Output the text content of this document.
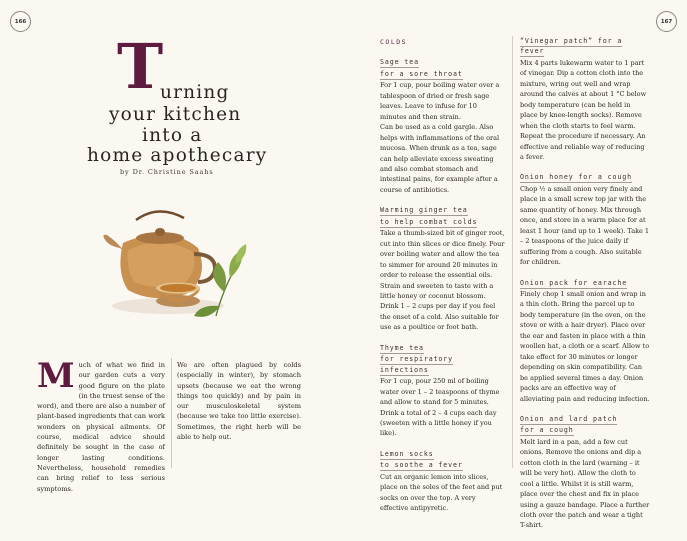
166	167
T
urning
your kitchen
into a
home apothecary
by Dr. Christine Saahs
M uch of what we find in our garden cuts a very good figure on the plate (in the truest sense of the word), and there are also a number of plant-based ingredients that can work wonders on physical ailments. Of course, medical advice should definitely be sought in the case of longer lasting conditions. Nevertheless, household remedies can bring relief to less serious symptoms.
We are often plagued by colds (especially in winter), by stomach upsets (because we eat the wrong things too quickly) and by pain in our musculoskeletal system (because we take too little exercise). Sometimes, the right herb will be able to help out.
COLDS
Sage tea
for a sore throat
For 1 cup, pour boiling water over a tablespoon of dried or fresh sage leaves. Leave to infuse for 10 minutes and then strain.
Can be used as a cold gargle. Also helps with inflammations of the oral mucosa. When drunk as a tea, sage can help alleviate excess sweating and also combat stomach and intestinal pains, for example after a course of antibiotics.
Warming ginger tea
to help combat colds
Take a thumb-sized bit of ginger root, cut into thin slices or dice finely. Pour over boiling water and allow the tea to simmer for around 20 minutes in order to release the essential oils. Strain and sweeten to taste with a little honey or coconut blossom. Drink 1 – 2 cups per day if you feel the onset of a cold. Also suitable for use as a poultice or foot bath.
Thyme tea
for respiratory infections
For 1 cup, pour 250 ml of boiling water over 1 – 2 teaspoons of thyme and allow to stand for 5 minutes. Drink a total of 2 – 4 cups each day (sweeten with a little honey if you like).
Lemon socks
to soothe a fever
Cut an organic lemon into slices, place on the soles of the feet and put socks on over the top. A very effective antipyretic.
“Vinegar patch” for a fever
Mix 4 parts lukewarm water to 1 part of vinegar. Dip a cotton cloth into the mixture, wring out well and wrap around the calves at about 1 °C below body temperature (can be held in place by knee-length socks). Remove when the cloth starts to feel warm. Repeat the procedure if necessary. An effective and reliable way of reducing a fever.
Onion honey for a cough
Chop ½ a small onion very finely and place in a small screw top jar with the same quantity of honey. Mix through once, and store in a warm place for at least 1 hour (and up to 1 week). Take 1 – 2 teaspoons of the juice daily if suffering from a cough. Also suitable for children.
Onion pack for earache
Finely chop 1 small onion and wrap in a thin cloth. Bring the parcel up to body temperature (in the oven, on the stove or with a hair dryer). Place over the ear and fasten in place with a thin woollen hat, a cloth or a scarf. Allow to take effect for 30 minutes or longer depending on skin compatibility. Can be applied several times a day. Onion packs are an effective way of alleviating pain and reducing infection.
Onion and lard patch
for a cough
Melt lard in a pan, add a few cut onions. Remove the onions and dip a cotton cloth in the lard (warning – it will be very hot). Allow the cloth to cool a little. Whilst it is still warm, place over the chest and fix in place using a gauze bandage. Place a further cloth over the patch and wear a tight T-shirt.
